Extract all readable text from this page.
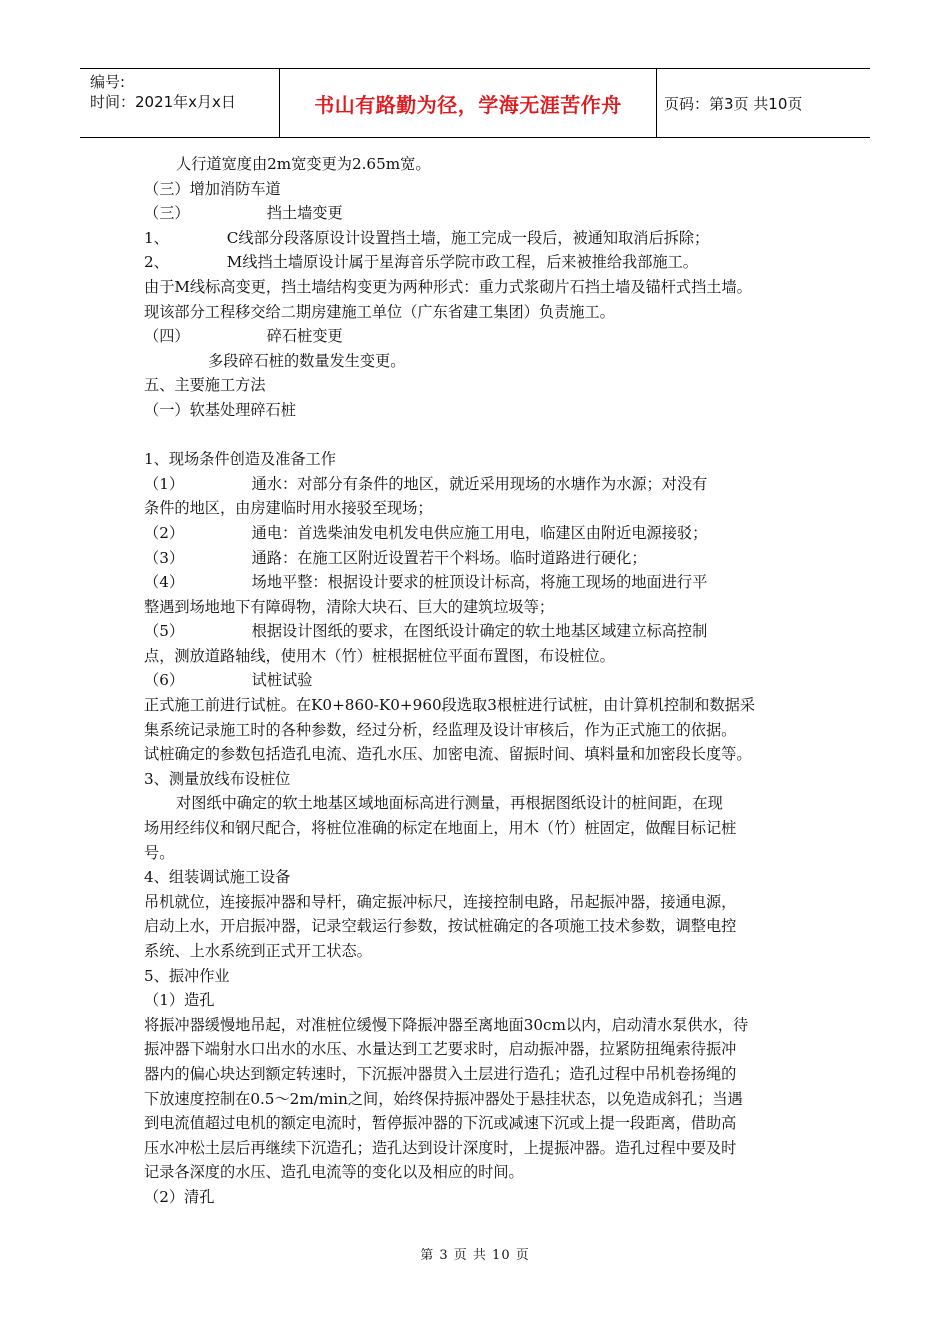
编号:
时间：2021年x月x日	书山有路勤为径，学海无涯苦作舟	页码：第3页 共10页

人行道宽度由2m宽变更为2.65m宽。

（三）增加消防车道

（三）                挡土墙变更

1、            C线部分段落原设计设置挡土墙，施工完成一段后，被通知取消后拆除；

2、            M线挡土墙原设计属于星海音乐学院市政工程，后来被推给我部施工。

由于M线标高变更，挡土墙结构变更为两种形式：重力式浆砌片石挡土墙及锚杆式挡土墙。

现该部分工程移交给二期房建施工单位（广东省建工集团）负责施工。

（四）                碎石桩变更

多段碎石桩的数量发生变更。

五、主要施工方法

（一）软基处理碎石桩

1、现场条件创造及准备工作

（1）              通水：对部分有条件的地区，就近采用现场的水塘作为水源；对没有

条件的地区，由房建临时用水接驳至现场；

（2）              通电：首选柴油发电机发电供应施工用电，临建区由附近电源接驳；

（3）              通路：在施工区附近设置若干个料场。临时道路进行硬化；

（4）              场地平整：根据设计要求的桩顶设计标高，将施工现场的地面进行平

整遇到场地地下有障碍物，清除大块石、巨大的建筑垃圾等；

（5）              根据设计图纸的要求，在图纸设计确定的软土地基区域建立标高控制

点，测放道路轴线，使用木（竹）桩根据桩位平面布置图，布设桩位。

（6）              试桩试验

正式施工前进行试桩。在K0+860-K0+960段选取3根桩进行试桩，由计算机控制和数据采

集系统记录施工时的各种参数，经过分析，经监理及设计审核后，作为正式施工的依据。

试桩确定的参数包括造孔电流、造孔水压、加密电流、留振时间、填料量和加密段长度等。

3、测量放线布设桩位

对图纸中确定的软土地基区域地面标高进行测量，再根据图纸设计的桩间距，在现

场用经纬仪和钢尺配合，将桩位准确的标定在地面上，用木（竹）桩固定，做醒目标记桩

号。

4、组装调试施工设备

吊机就位，连接振冲器和导杆，确定振冲标尺，连接控制电路，吊起振冲器，接通电源，

启动上水，开启振冲器，记录空载运行参数，按试桩确定的各项施工技术参数，调整电控

系统、上水系统到正式开工状态。

5、振冲作业

（1）造孔

将振冲器缓慢地吊起，对准桩位缓慢下降振冲器至离地面30cm以内，启动清水泵供水，待

振冲器下端射水口出水的水压、水量达到工艺要求时，启动振冲器，拉紧防扭绳索待振冲

器内的偏心块达到额定转速时，下沉振冲器贯入土层进行造孔；造孔过程中吊机卷扬绳的

下放速度控制在0.5～2m/min之间，始终保持振冲器处于悬挂状态，以免造成斜孔；当遇

到电流值超过电机的额定电流时，暂停振冲器的下沉或减速下沉或上提一段距离，借助高

压水冲松土层后再继续下沉造孔；造孔达到设计深度时，上提振冲器。造孔过程中要及时

记录各深度的水压、造孔电流等的变化以及相应的时间。

（2）清孔

第 3 页 共 10 页
